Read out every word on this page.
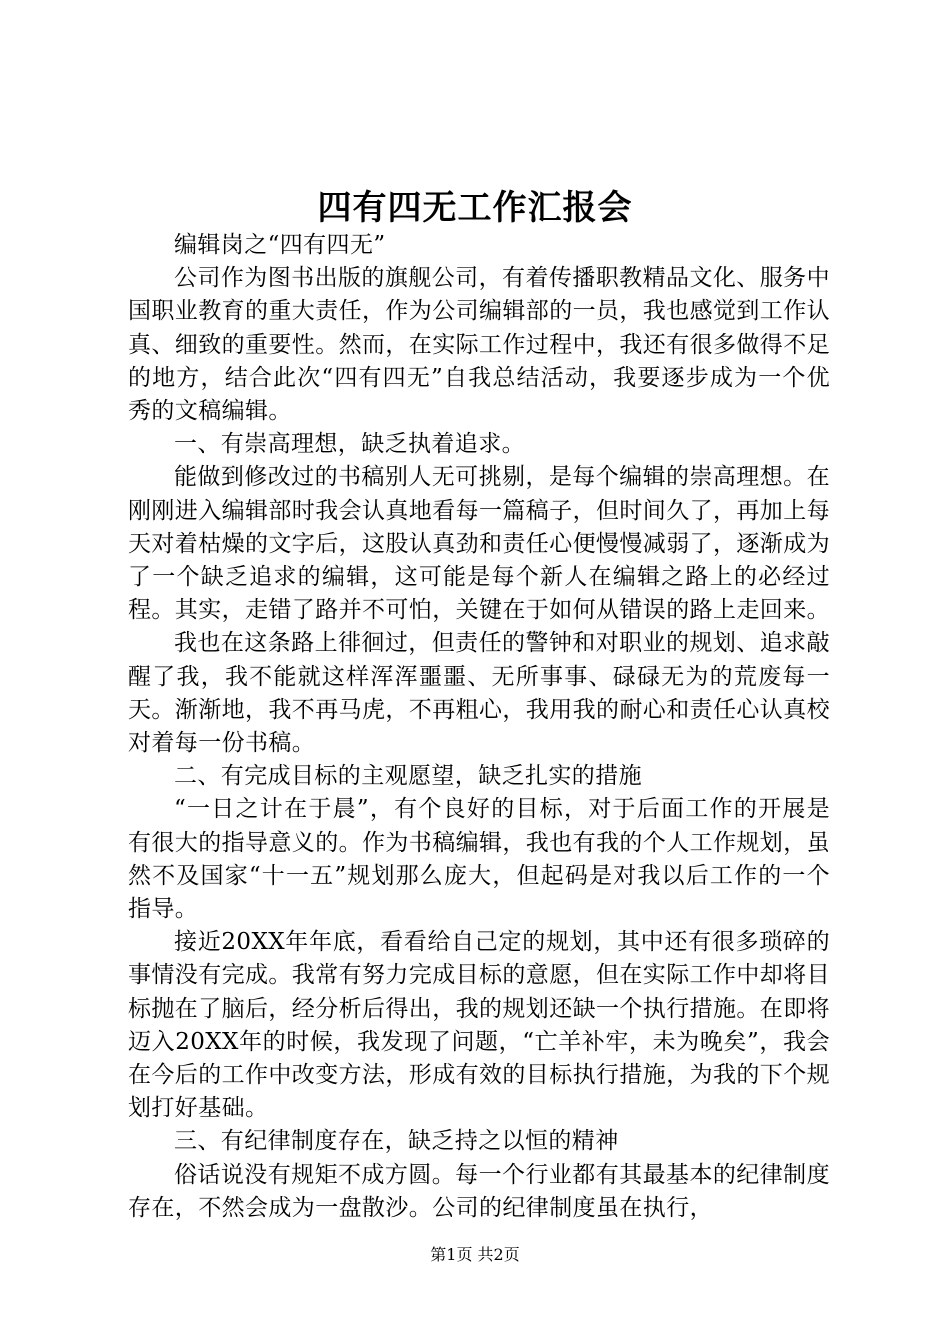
四有四无工作汇报会

编辑岗之“四有四无”

公司作为图书出版的旗舰公司，有着传播职教精品文化、服务中国职业教育的重大责任，作为公司编辑部的一员，我也感觉到工作认真、细致的重要性。然而，在实际工作过程中，我还有很多做得不足的地方，结合此次“四有四无”自我总结活动，我要逐步成为一个优秀的文稿编辑。

一、有崇高理想，缺乏执着追求。

能做到修改过的书稿别人无可挑剔，是每个编辑的崇高理想。在刚刚进入编辑部时我会认真地看每一篇稿子，但时间久了，再加上每天对着枯燥的文字后，这股认真劲和责任心便慢慢减弱了，逐渐成为了一个缺乏追求的编辑，这可能是每个新人在编辑之路上的必经过程。其实，走错了路并不可怕，关键在于如何从错误的路上走回来。

我也在这条路上徘徊过，但责任的警钟和对职业的规划、追求敲醒了我，我不能就这样浑浑噩噩、无所事事、碌碌无为的荒废每一天。渐渐地，我不再马虎，不再粗心，我用我的耐心和责任心认真校对着每一份书稿。

二、有完成目标的主观愿望，缺乏扎实的措施

“一日之计在于晨”，有个良好的目标，对于后面工作的开展是有很大的指导意义的。作为书稿编辑，我也有我的个人工作规划，虽然不及国家“十一五”规划那么庞大，但起码是对我以后工作的一个指导。

接近20XX年年底，看看给自己定的规划，其中还有很多琐碎的事情没有完成。我常有努力完成目标的意愿，但在实际工作中却将目标抛在了脑后，经分析后得出，我的规划还缺一个执行措施。在即将迈入20XX年的时候，我发现了问题，“亡羊补牢，未为晚矣”，我会在今后的工作中改变方法，形成有效的目标执行措施，为我的下个规划打好基础。

三、有纪律制度存在，缺乏持之以恒的精神

俗话说没有规矩不成方圆。每一个行业都有其最基本的纪律制度存在，不然会成为一盘散沙。公司的纪律制度虽在执行，

第1页 共2页
